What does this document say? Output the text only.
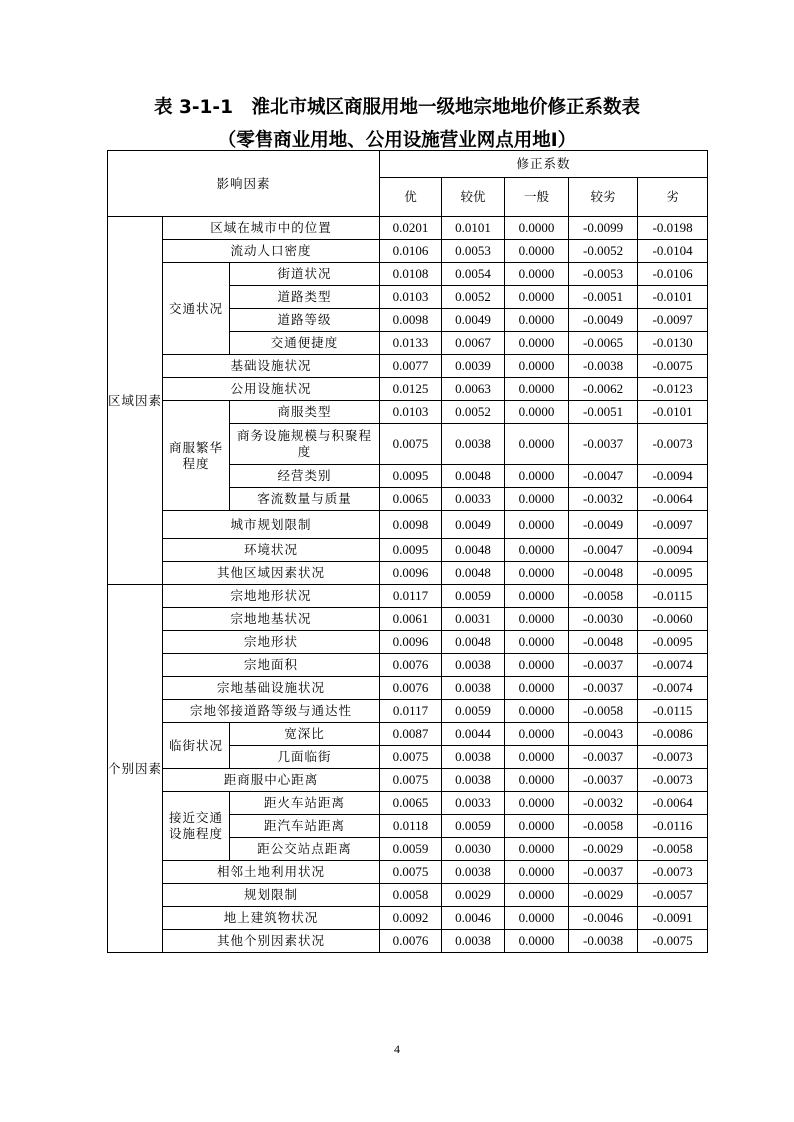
表 3-1-1　淮北市城区商服用地一级地宗地地价修正系数表
（零售商业用地、公用设施营业网点用地Ⅰ）
影响因素			修正系数				
			优	较优	一般	较劣	劣
区域因素	区域在城市中的位置		0.0201	0.0101	0.0000	-0.0099	-0.0198
	流动人口密度		0.0106	0.0053	0.0000	-0.0052	-0.0104
	交通状况	街道状况	0.0108	0.0054	0.0000	-0.0053	-0.0106
		道路类型	0.0103	0.0052	0.0000	-0.0051	-0.0101
		道路等级	0.0098	0.0049	0.0000	-0.0049	-0.0097
		交通便捷度	0.0133	0.0067	0.0000	-0.0065	-0.0130
	基础设施状况		0.0077	0.0039	0.0000	-0.0038	-0.0075
	公用设施状况		0.0125	0.0063	0.0000	-0.0062	-0.0123
	商服繁华程度	商服类型	0.0103	0.0052	0.0000	-0.0051	-0.0101
		商务设施规模与积聚程度	0.0075	0.0038	0.0000	-0.0037	-0.0073
		经营类别	0.0095	0.0048	0.0000	-0.0047	-0.0094
		客流数量与质量	0.0065	0.0033	0.0000	-0.0032	-0.0064
	城市规划限制		0.0098	0.0049	0.0000	-0.0049	-0.0097
	环境状况		0.0095	0.0048	0.0000	-0.0047	-0.0094
	其他区域因素状况		0.0096	0.0048	0.0000	-0.0048	-0.0095
个别因素	宗地地形状况		0.0117	0.0059	0.0000	-0.0058	-0.0115
	宗地地基状况		0.0061	0.0031	0.0000	-0.0030	-0.0060
	宗地形状		0.0096	0.0048	0.0000	-0.0048	-0.0095
	宗地面积		0.0076	0.0038	0.0000	-0.0037	-0.0074
	宗地基础设施状况		0.0076	0.0038	0.0000	-0.0037	-0.0074
	宗地邻接道路等级与通达性		0.0117	0.0059	0.0000	-0.0058	-0.0115
	临街状况	宽深比	0.0087	0.0044	0.0000	-0.0043	-0.0086
		几面临街	0.0075	0.0038	0.0000	-0.0037	-0.0073
	距商服中心距离		0.0075	0.0038	0.0000	-0.0037	-0.0073
	接近交通设施程度	距火车站距离	0.0065	0.0033	0.0000	-0.0032	-0.0064
		距汽车站距离	0.0118	0.0059	0.0000	-0.0058	-0.0116
		距公交站点距离	0.0059	0.0030	0.0000	-0.0029	-0.0058
	相邻土地利用状况		0.0075	0.0038	0.0000	-0.0037	-0.0073
	规划限制		0.0058	0.0029	0.0000	-0.0029	-0.0057
	地上建筑物状况		0.0092	0.0046	0.0000	-0.0046	-0.0091
	其他个别因素状况		0.0076	0.0038	0.0000	-0.0038	-0.0075
4
